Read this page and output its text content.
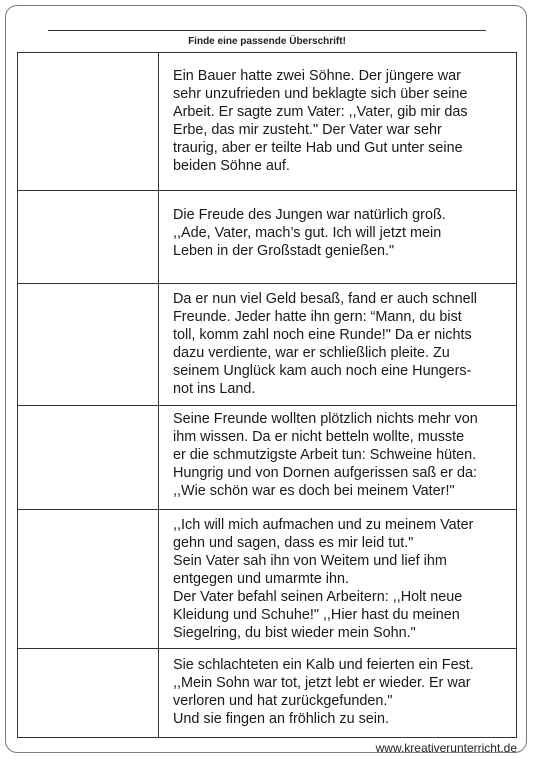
Finde eine passende Überschrift!
Ein Bauer hatte zwei Söhne. Der jüngere war
sehr unzufrieden und beklagte sich über seine
Arbeit. Er sagte zum Vater: ,,Vater, gib mir das
Erbe, das mir zusteht." Der Vater war sehr
traurig, aber er teilte Hab und Gut unter seine
beiden Söhne auf.
Die Freude des Jungen war natürlich groß.
,,Ade, Vater, mach’s gut. Ich will jetzt mein
Leben in der Großstadt genießen."
Da er nun viel Geld besaß, fand er auch schnell
Freunde. Jeder hatte ihn gern: “Mann, du bist
toll, komm zahl noch eine Runde!" Da er nichts
dazu verdiente, war er schließlich pleite. Zu
seinem Unglück kam auch noch eine Hungers-
not ins Land.
Seine Freunde wollten plötzlich nichts mehr von
ihm wissen. Da er nicht betteln wollte, musste
er die schmutzigste Arbeit tun: Schweine hüten.
Hungrig und von Dornen aufgerissen saß er da:
,,Wie schön war es doch bei meinem Vater!"
,,Ich will mich aufmachen und zu meinem Vater
gehn und sagen, dass es mir leid tut."
Sein Vater sah ihn von Weitem und lief ihm
entgegen und umarmte ihn.
Der Vater befahl seinen Arbeitern: ,,Holt neue
Kleidung und Schuhe!" ,,Hier hast du meinen
Siegelring, du bist wieder mein Sohn."
Sie schlachteten ein Kalb und feierten ein Fest.
,,Mein Sohn war tot, jetzt lebt er wieder. Er war
verloren und hat zurückgefunden."
Und sie fingen an fröhlich zu sein.
www.kreativerunterricht.de
